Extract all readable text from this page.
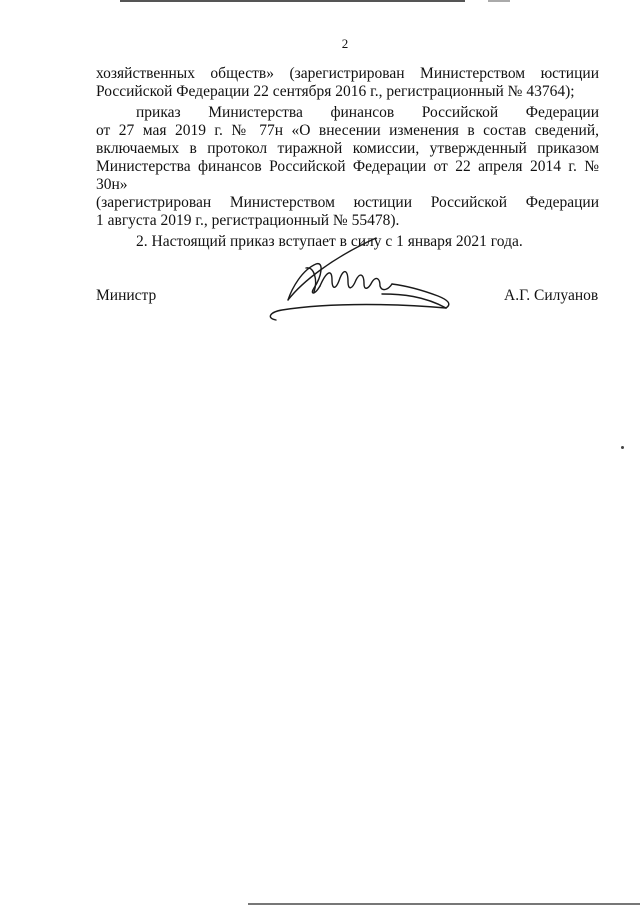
2
хозяйственных обществ» (зарегистрирован Министерством юстиции
Российской Федерации 22 сентября 2016 г., регистрационный № 43764);
приказ Министерства финансов Российской Федерации
от 27 мая 2019 г. № 77н «О внесении изменения в состав сведений,
включаемых в протокол тиражной комиссии, утвержденный приказом
Министерства финансов Российской Федерации от 22 апреля 2014 г. № 30н»
(зарегистрирован Министерством юстиции Российской Федерации
1 августа 2019 г., регистрационный № 55478).
2. Настоящий приказ вступает в силу с 1 января 2021 года.
Министр	А.Г. Силуанов
